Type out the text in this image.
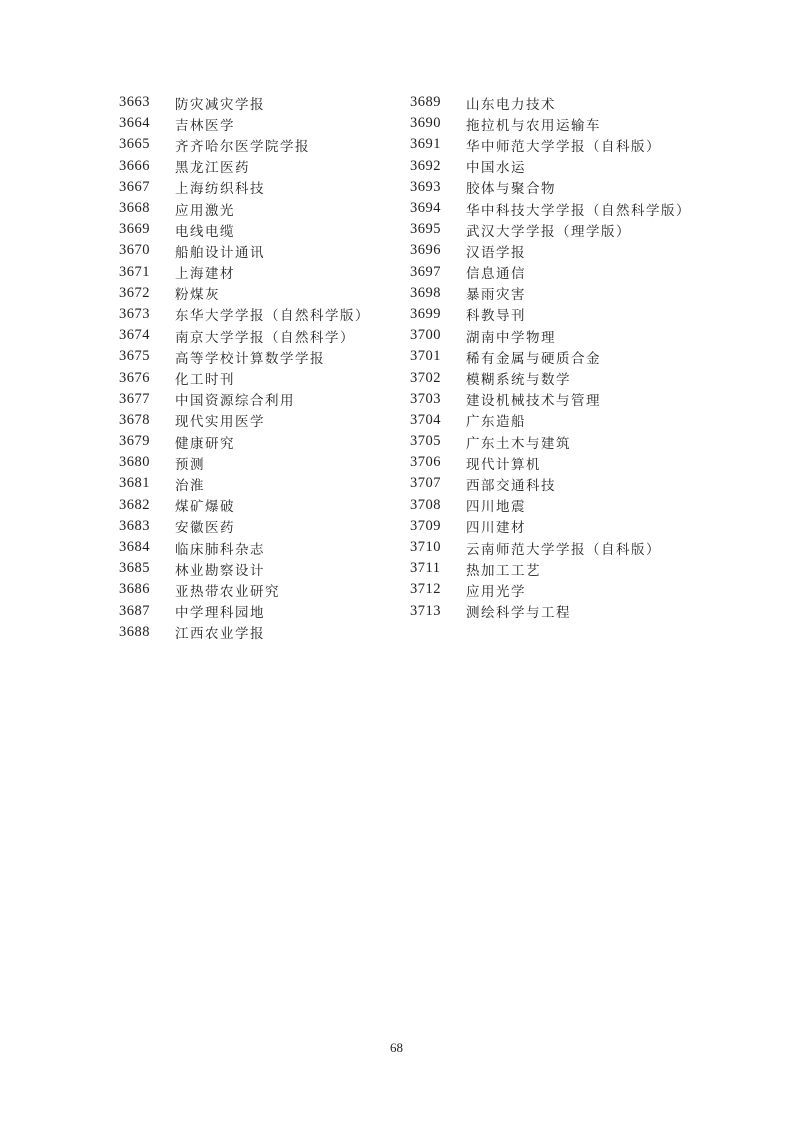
3663	防灾减灾学报
3664	吉林医学
3665	齐齐哈尔医学院学报
3666	黑龙江医药
3667	上海纺织科技
3668	应用激光
3669	电线电缆
3670	船舶设计通讯
3671	上海建材
3672	粉煤灰
3673	东华大学学报（自然科学版）
3674	南京大学学报（自然科学）
3675	高等学校计算数学学报
3676	化工时刊
3677	中国资源综合利用
3678	现代实用医学
3679	健康研究
3680	预测
3681	治淮
3682	煤矿爆破
3683	安徽医药
3684	临床肺科杂志
3685	林业勘察设计
3686	亚热带农业研究
3687	中学理科园地
3688	江西农业学报
3689	山东电力技术
3690	拖拉机与农用运输车
3691	华中师范大学学报（自科版）
3692	中国水运
3693	胶体与聚合物
3694	华中科技大学学报（自然科学版）
3695	武汉大学学报（理学版）
3696	汉语学报
3697	信息通信
3698	暴雨灾害
3699	科教导刊
3700	湖南中学物理
3701	稀有金属与硬质合金
3702	模糊系统与数学
3703	建设机械技术与管理
3704	广东造船
3705	广东土木与建筑
3706	现代计算机
3707	西部交通科技
3708	四川地震
3709	四川建材
3710	云南师范大学学报（自科版）
3711	热加工工艺
3712	应用光学
3713	测绘科学与工程
68
